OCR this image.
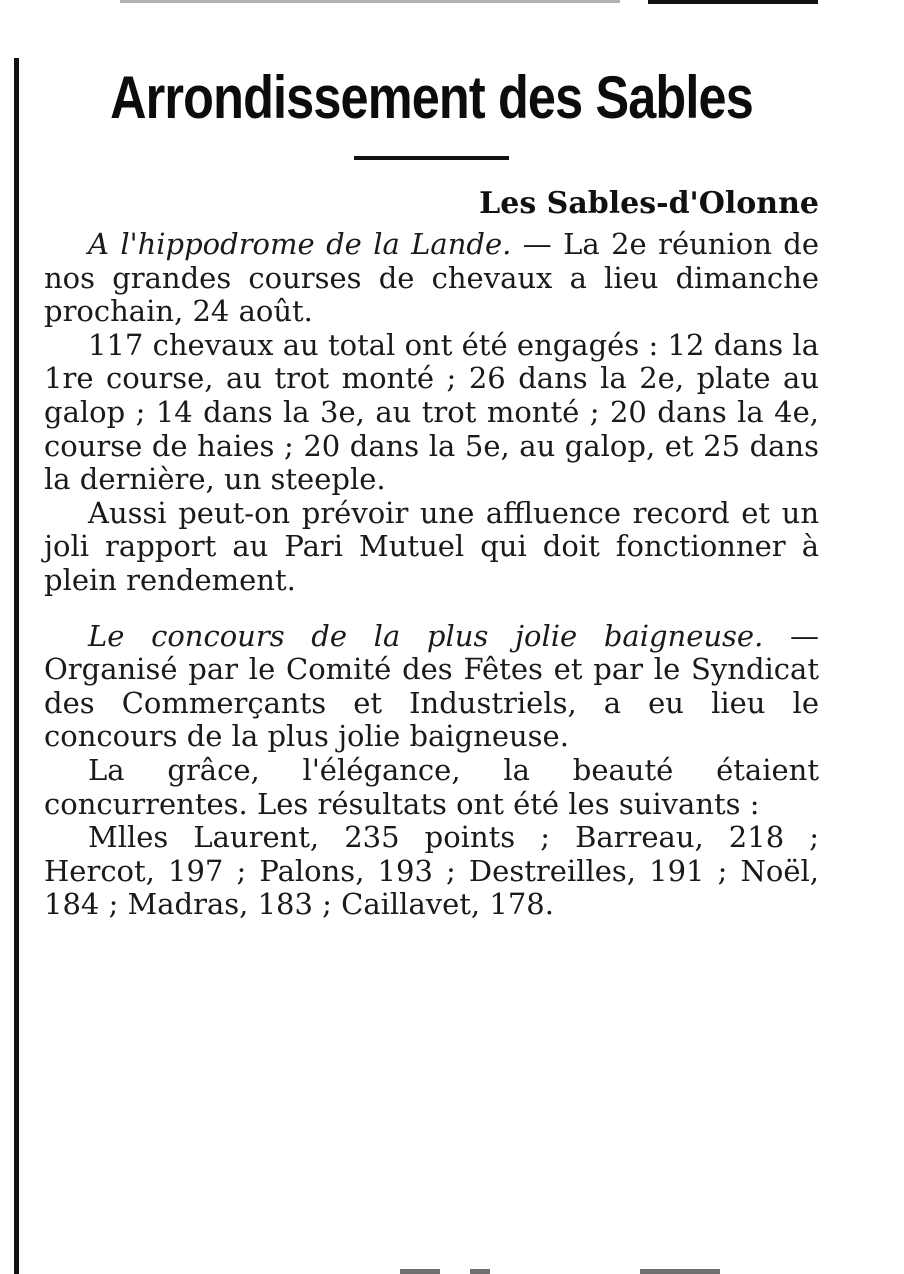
Arrondissement des Sables
Les Sables-d'Olonne

A l'hippodrome de la Lande. — La 2e réunion de nos grandes courses de chevaux a lieu dimanche prochain, 24 août.

117 chevaux au total ont été engagés : 12 dans la 1re course, au trot monté ; 26 dans la 2e, plate au galop ; 14 dans la 3e, au trot monté ; 20 dans la 4e, course de haies ; 20 dans la 5e, au galop, et 25 dans la dernière, un steeple.

Aussi peut-on prévoir une affluence record et un joli rapport au Pari Mutuel qui doit fonctionner à plein rendement.

Le concours de la plus jolie baigneuse. — Organisé par le Comité des Fêtes et par le Syndicat des Commerçants et Industriels, a eu lieu le concours de la plus jolie baigneuse.

La grâce, l'élégance, la beauté étaient concurrentes. Les résultats ont été les suivants :

Mlles Laurent, 235 points ; Barreau, 218 ; Hercot, 197 ; Palons, 193 ; Destreilles, 191 ; Noël, 184 ; Madras, 183 ; Caillavet, 178.
